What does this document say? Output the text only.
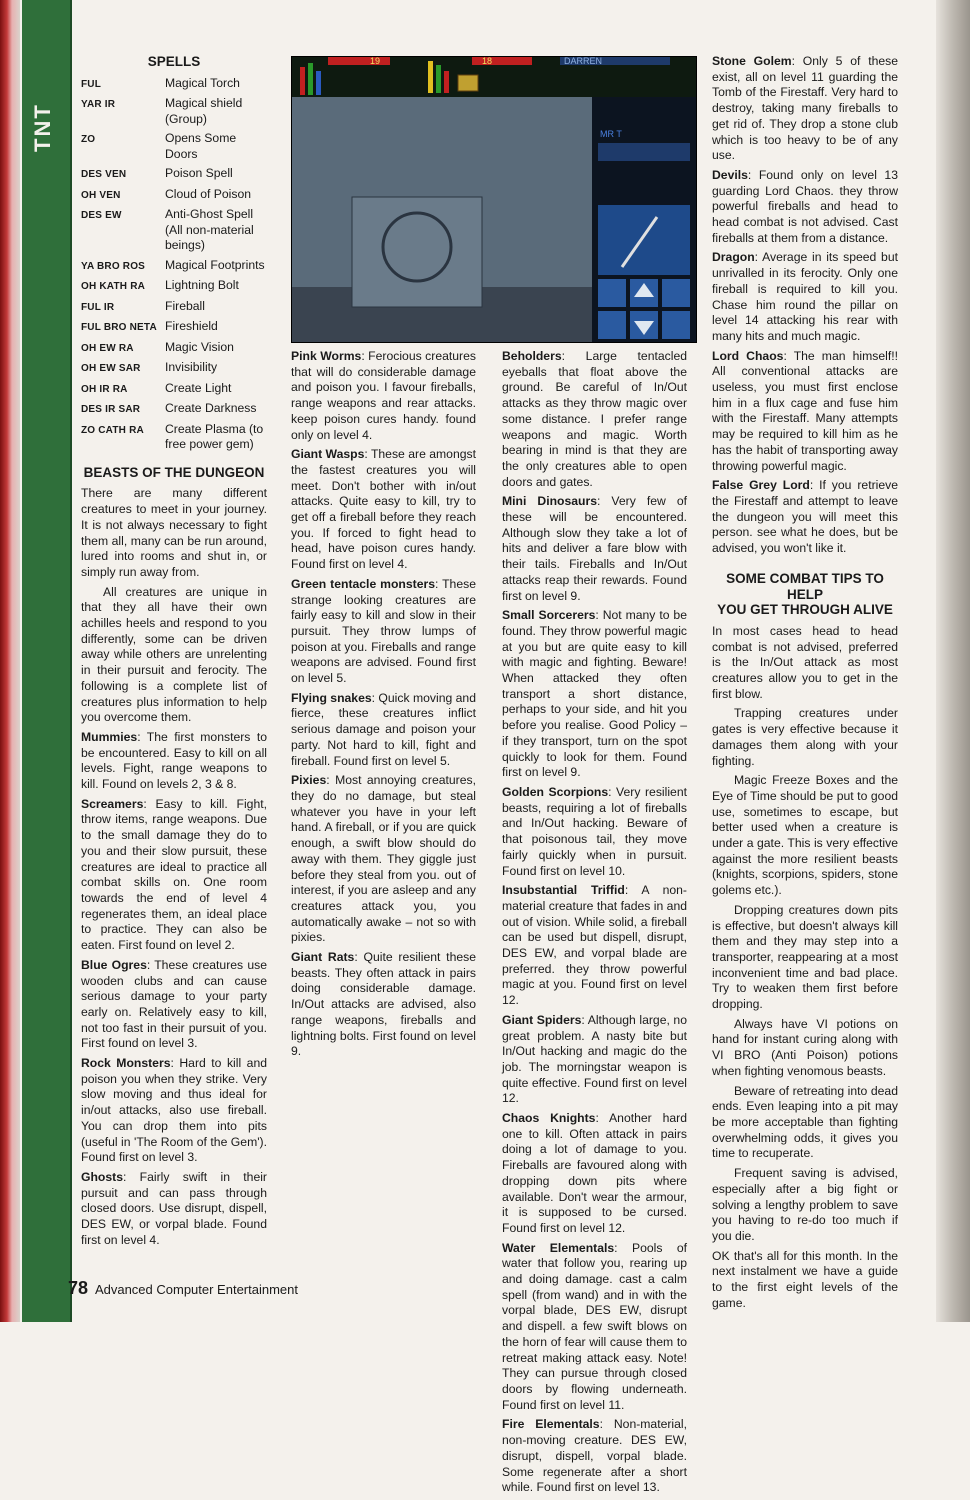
TNT
SPELLS
FUL	Magical Torch
YAR IR	Magical shield (Group)
ZO	Opens Some Doors
DES VEN	Poison Spell
OH VEN	Cloud of Poison
DES EW	Anti-Ghost Spell (All non-material beings)
YA BRO ROS	Magical Footprints
OH KATH RA	Lightning Bolt
FUL IR	Fireball
FUL BRO NETA	Fireshield
OH EW RA	Magic Vision
OH EW SAR	Invisibility
OH IR RA	Create Light
DES IR SAR	Create Darkness
ZO CATH RA	Create Plasma (to free power gem)
BEASTS OF THE DUNGEON

There are many different creatures to meet in your journey. It is not always necessary to fight them all, many can be run around, lured into rooms and shut in, or simply run away from.

All creatures are unique in that they all have their own achilles heels and respond to you differently, some can be driven away while others are unrelenting in their pursuit and ferocity. The following is a complete list of creatures plus information to help you overcome them.

Mummies: The first monsters to be encountered. Easy to kill on all levels. Fight, range weapons to kill. Found on levels 2, 3 & 8.

Screamers: Easy to kill. Fight, throw items, range weapons. Due to the small damage they do to you and their slow pursuit, these creatures are ideal to practice all combat skills on. One room towards the end of level 4 regenerates them, an ideal place to practice. They can also be eaten. First found on level 2.

Blue Ogres: These creatures use wooden clubs and can cause serious damage to your party early on. Relatively easy to kill, not too fast in their pursuit of you. First found on level 3.

Rock Monsters: Hard to kill and poison you when they strike. Very slow moving and thus ideal for in/out attacks, also use fireball. You can drop them into pits (useful in 'The Room of the Gem'). Found first on level 3.

Ghosts: Fairly swift in their pursuit and can pass through closed doors. Use disrupt, dispell, DES EW, or vorpal blade. Found first on level 4.

19	18	DARREN
MR T

Pink Worms: Ferocious creatures that will do considerable damage and poison you. I favour fireballs, range weapons and rear attacks. keep poison cures handy. found only on level 4.

Giant Wasps: These are amongst the fastest creatures you will meet. Don't bother with in/out attacks. Quite easy to kill, try to get off a fireball before they reach you. If forced to fight head to head, have poison cures handy. Found first on level 4.

Green tentacle monsters: These strange looking creatures are fairly easy to kill and slow in their pursuit. They throw lumps of poison at you. Fireballs and range weapons are advised. Found first on level 5.

Flying snakes: Quick moving and fierce, these creatures inflict serious damage and poison your party. Not hard to kill, fight and fireball. Found first on level 5.

Pixies: Most annoying creatures, they do no damage, but steal whatever you have in your left hand. A fireball, or if you are quick enough, a swift blow should do away with them. They giggle just before they steal from you. out of interest, if you are asleep and any creatures attack you, you automatically awake – not so with pixies.

Giant Rats: Quite resilient these beasts. They often attack in pairs doing considerable damage. In/Out attacks are advised, also range weapons, fireballs and lightning bolts. First found on level 9.

Beholders: Large tentacled eyeballs that float above the ground. Be careful of In/Out attacks as they throw magic over some distance. I prefer range weapons and magic. Worth bearing in mind is that they are the only creatures able to open doors and gates.

Mini Dinosaurs: Very few of these will be encountered. Although slow they take a lot of hits and deliver a fare blow with their tails. Fireballs and In/Out attacks reap their rewards. Found first on level 9.

Small Sorcerers: Not many to be found. They throw powerful magic at you but are quite easy to kill with magic and fighting. Beware! When attacked they often transport a short distance, perhaps to your side, and hit you before you realise. Good Policy – if they transport, turn on the spot quickly to look for them. Found first on level 9.

Golden Scorpions: Very resilient beasts, requiring a lot of fireballs and In/Out hacking. Beware of that poisonous tail, they move fairly quickly when in pursuit. Found first on level 10.

Insubstantial Triffid: A non-material creature that fades in and out of vision. While solid, a fireball can be used but dispell, disrupt, DES EW, and vorpal blade are preferred. they throw powerful magic at you. Found first on level 12.

Giant Spiders: Although large, no great problem. A nasty bite but In/Out hacking and magic do the job. The morningstar weapon is quite effective. Found first on level 12.

Chaos Knights: Another hard one to kill. Often attack in pairs doing a lot of damage to you. Fireballs are favoured along with dropping down pits where available. Don't wear the armour, it is supposed to be cursed. Found first on level 12.

Water Elementals: Pools of water that follow you, rearing up and doing damage. cast a calm spell (from wand) and in with the vorpal blade, DES EW, disrupt and dispell. a few swift blows on the horn of fear will cause them to retreat making attack easy. Note! They can pursue through closed doors by flowing underneath. Found first on level 11.

Fire Elementals: Non-material, non-moving creature. DES EW, disrupt, dispell, vorpal blade. Some regenerate after a short while. Found first on level 13.

Stone Golem: Only 5 of these exist, all on level 11 guarding the Tomb of the Firestaff. Very hard to destroy, taking many fireballs to get rid of. They drop a stone club which is too heavy to be of any use.

Devils: Found only on level 13 guarding Lord Chaos. they throw powerful fireballs and head to head combat is not advised. Cast fireballs at them from a distance.

Dragon: Average in its speed but unrivalled in its ferocity. Only one fireball is required to kill you. Chase him round the pillar on level 14 attacking his rear with many hits and much magic.

Lord Chaos: The man himself!! All conventional attacks are useless, you must first enclose him in a flux cage and fuse him with the Firestaff. Many attempts may be required to kill him as he has the habit of transporting away throwing powerful magic.

False Grey Lord: If you retrieve the Firestaff and attempt to leave the dungeon you will meet this person. see what he does, but be advised, you won't like it.

SOME COMBAT TIPS TO HELP
YOU GET THROUGH ALIVE

In most cases head to head combat is not advised, preferred is the In/Out attack as most creatures allow you to get in the first blow.

Trapping creatures under gates is very effective because it damages them along with your fighting.

Magic Freeze Boxes and the Eye of Time should be put to good use, sometimes to escape, but better used when a creature is under a gate. This is very effective against the more resilient beasts (knights, scorpions, spiders, stone golems etc.).

Dropping creatures down pits is effective, but doesn't always kill them and they may step into a transporter, reappearing at a most inconvenient time and bad place. Try to weaken them first before dropping.

Always have VI potions on hand for instant curing along with VI BRO (Anti Poison) potions when fighting venomous beasts.

Beware of retreating into dead ends. Even leaping into a pit may be more acceptable than fighting overwhelming odds, it gives you time to recuperate.

Frequent saving is advised, especially after a big fight or solving a lengthy problem to save you having to re-do too much if you die.

OK that's all for this month. In the next instalment we have a guide to the first eight levels of the game.

78 Advanced Computer Entertainment
